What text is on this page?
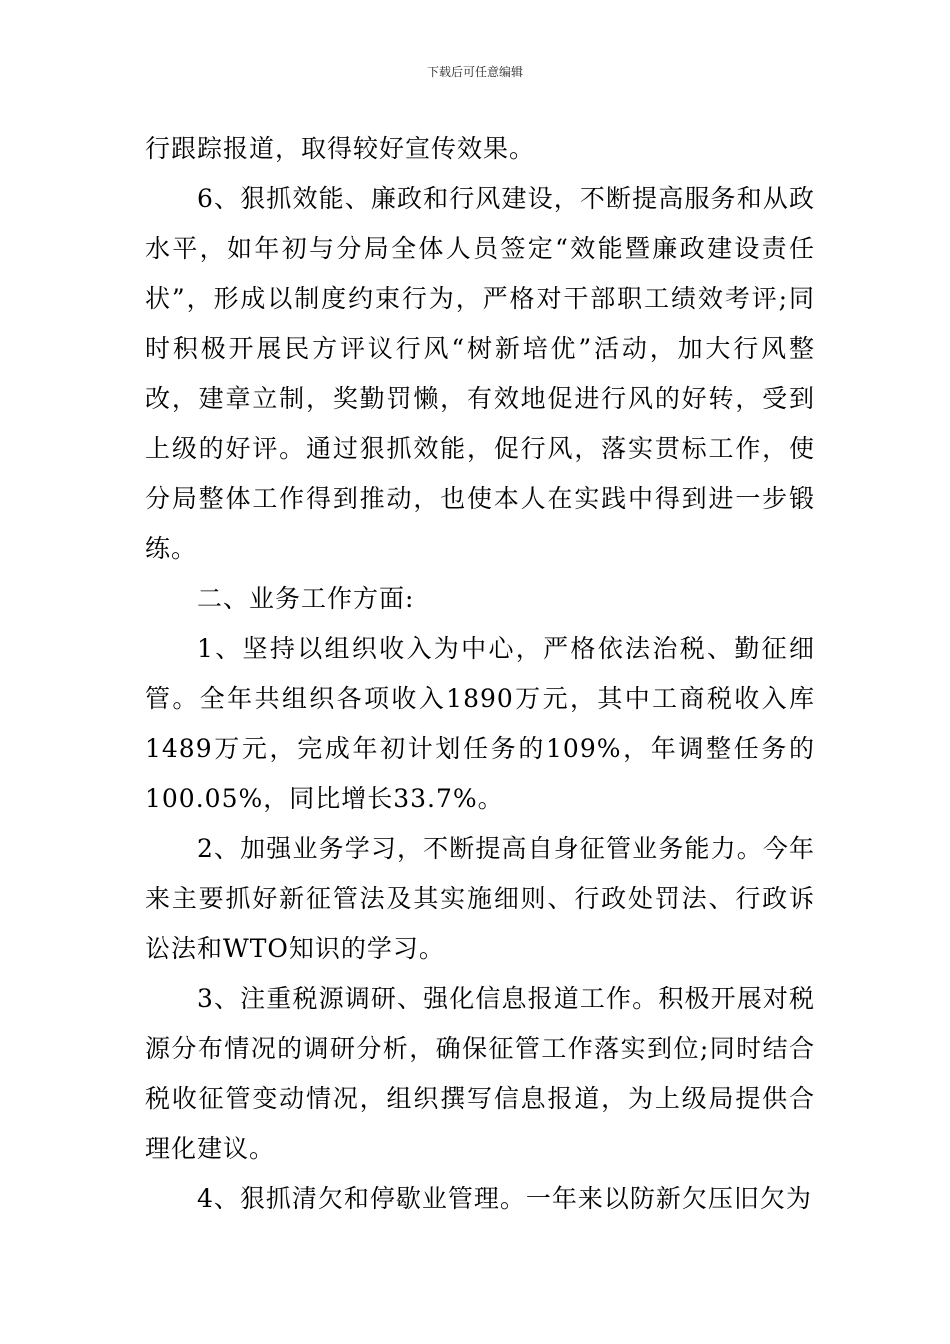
下载后可任意编辑

行跟踪报道，取得较好宣传效果。

6、狠抓效能、廉政和行风建设，不断提高服务和从政水平，如年初与分局全体人员签定“效能暨廉政建设责任状”，形成以制度约束行为，严格对干部职工绩效考评;同时积极开展民方评议行风“树新培优”活动，加大行风整改，建章立制，奖勤罚懒，有效地促进行风的好转，受到上级的好评。通过狠抓效能，促行风，落实贯标工作，使分局整体工作得到推动，也使本人在实践中得到进一步锻练。

二、业务工作方面:

1、坚持以组织收入为中心，严格依法治税、勤征细管。全年共组织各项收入1890万元，其中工商税收入库1489万元，完成年初计划任务的109%，年调整任务的100.05%，同比增长33.7%。

2、加强业务学习，不断提高自身征管业务能力。今年来主要抓好新征管法及其实施细则、行政处罚法、行政诉讼法和WTO知识的学习。

3、注重税源调研、强化信息报道工作。积极开展对税源分布情况的调研分析，确保征管工作落实到位;同时结合税收征管变动情况，组织撰写信息报道，为上级局提供合理化建议。

4、狠抓清欠和停歇业管理。一年来以防新欠压旧欠为
